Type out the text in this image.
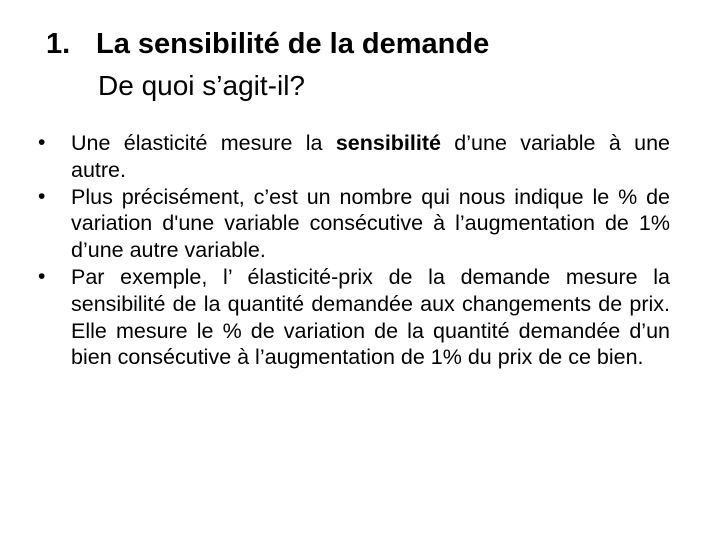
1. La sensibilité de la demande
De quoi s’agit-il?
•	Une élasticité mesure la sensibilité d’une variable à une autre.
•	Plus précisément, c’est un nombre qui nous indique le % de variation d'une variable consécutive à l’augmentation de 1% d’une autre variable.
•	Par exemple, l’ élasticité-prix de la demande mesure la sensibilité de la quantité demandée aux changements de prix. Elle mesure le % de variation de la quantité demandée d’un bien consécutive à l’augmentation de 1% du prix de ce bien.
